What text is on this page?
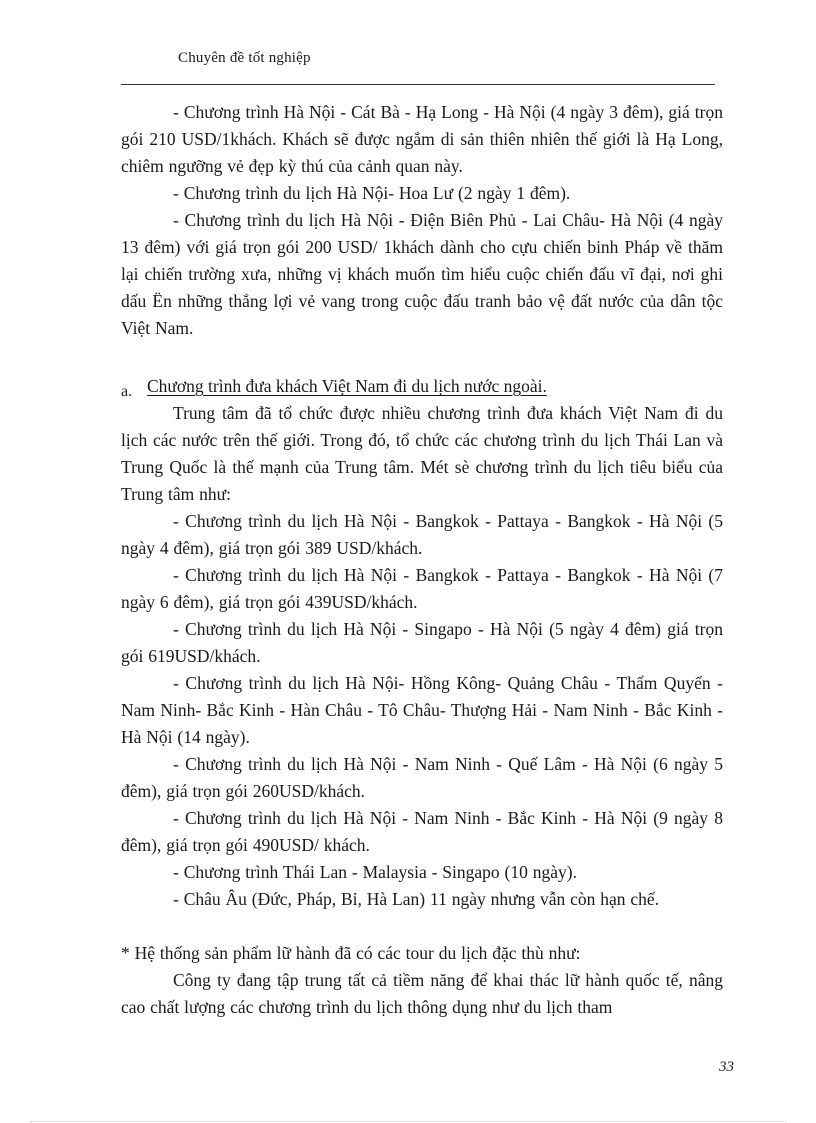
Chuyên đề tốt nghiệp

- Chương trình Hà Nội - Cát Bà - Hạ Long - Hà Nội (4 ngày 3 đêm), giá trọn gói 210 USD/1khách. Khách sẽ được ngắm di sản thiên nhiên thế giới là Hạ Long, chiêm ngưỡng vẻ đẹp kỳ thú của cảnh quan này.

- Chương trình du lịch Hà Nội- Hoa Lư (2 ngày 1 đêm).

- Chương trình du lịch Hà Nội - Điện Biên Phủ - Lai Châu- Hà Nội (4 ngày 13 đêm) với giá trọn gói 200 USD/ 1khách dành cho cựu chiến binh Pháp về thăm lại chiến trường xưa, những vị khách muốn tìm hiểu cuộc chiến đấu vĩ đại, nơi ghi dấu Ën những thắng lợi vẻ vang trong cuộc đấu tranh bảo vệ đất nước của dân tộc Việt Nam.

a. Chương trình đưa khách Việt Nam đi du lịch nước ngoài.

Trung tâm đã tổ chức được nhiều chương trình đưa khách Việt Nam đi du lịch các nước trên thế giới. Trong đó, tổ chức các chương trình du lịch Thái Lan và Trung Quốc là thế mạnh của Trung tâm. Mét sè chương trình du lịch tiêu biểu của Trung tâm như:

- Chương trình du lịch Hà Nội - Bangkok - Pattaya - Bangkok - Hà Nội (5 ngày 4 đêm), giá trọn gói 389 USD/khách.

- Chương trình du lịch Hà Nội - Bangkok - Pattaya - Bangkok - Hà Nội (7 ngày 6 đêm), giá trọn gói 439USD/khách.

- Chương trình du lịch Hà Nội - Singapo - Hà Nội (5 ngày 4 đêm) giá trọn gói 619USD/khách.

- Chương trình du lịch Hà Nội- Hồng Kông- Quảng Châu - Thẩm Quyến - Nam Ninh- Bắc Kinh - Hàn Châu - Tô Châu- Thượng Hải - Nam Ninh - Bắc Kinh - Hà Nội (14 ngày).

- Chương trình du lịch Hà Nội - Nam Ninh - Quế Lâm - Hà Nội (6 ngày 5 đêm), giá trọn gói 260USD/khách.

- Chương trình du lịch Hà Nội - Nam Ninh - Bắc Kinh - Hà Nội (9 ngày 8 đêm), giá trọn gói 490USD/ khách.

- Chương trình Thái Lan - Malaysia - Singapo (10 ngày).

- Châu Âu (Đức, Pháp, Bỉ, Hà Lan) 11 ngày nhưng vẫn còn hạn chế.

* Hệ thống sản phẩm lữ hành đã có các tour du lịch đặc thù như:

Công ty đang tập trung tất cả tiềm năng để khai thác lữ hành quốc tế, nâng cao chất lượng các chương trình du lịch thông dụng như du lịch tham

33
